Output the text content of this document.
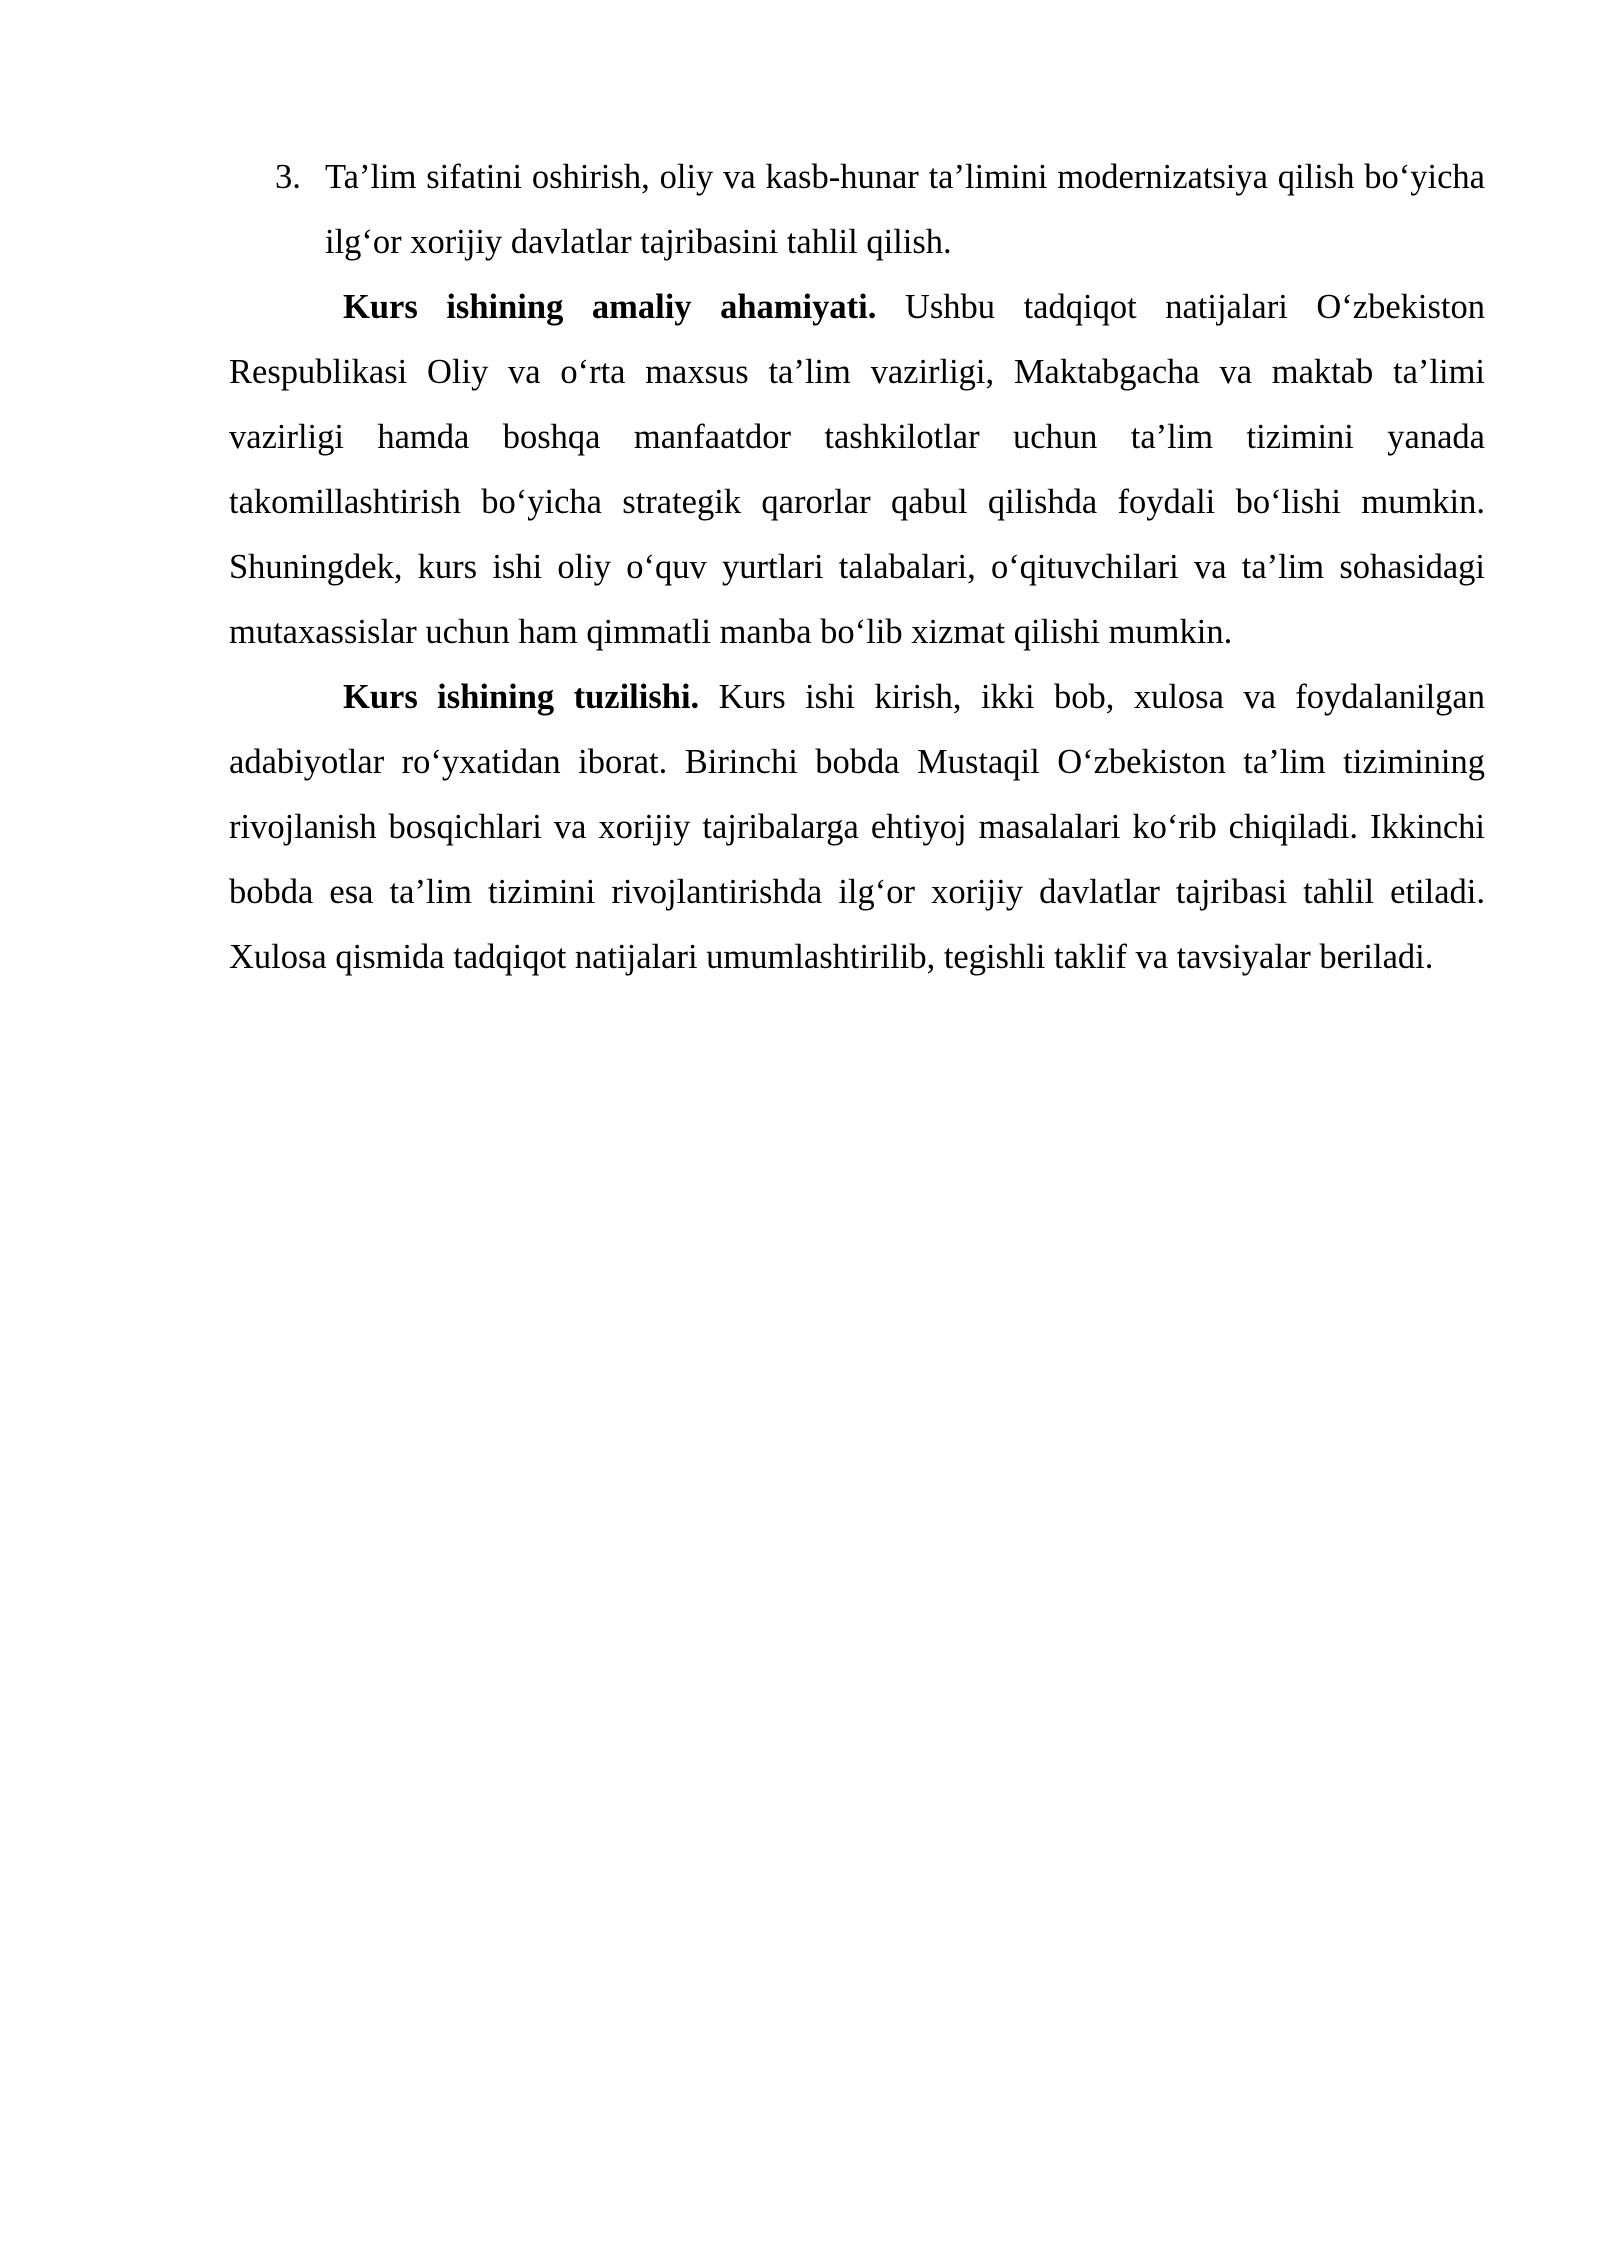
3. Ta’lim sifatini oshirish, oliy va kasb-hunar ta’limini modernizatsiya qilish bo‘yicha ilg‘or xorijiy davlatlar tajribasini tahlil qilish.

Kurs ishining amaliy ahamiyati. Ushbu tadqiqot natijalari O‘zbekiston Respublikasi Oliy va o‘rta maxsus ta’lim vazirligi, Maktabgacha va maktab ta’limi vazirligi hamda boshqa manfaatdor tashkilotlar uchun ta’lim tizimini yanada takomillashtirish bo‘yicha strategik qarorlar qabul qilishda foydali bo‘lishi mumkin. Shuningdek, kurs ishi oliy o‘quv yurtlari talabalari, o‘qituvchilari va ta’lim sohasidagi mutaxassislar uchun ham qimmatli manba bo‘lib xizmat qilishi mumkin.

Kurs ishining tuzilishi. Kurs ishi kirish, ikki bob, xulosa va foydalanilgan adabiyotlar ro‘yxatidan iborat. Birinchi bobda Mustaqil O‘zbekiston ta’lim tizimining rivojlanish bosqichlari va xorijiy tajribalarga ehtiyoj masalalari ko‘rib chiqiladi. Ikkinchi bobda esa ta’lim tizimini rivojlantirishda ilg‘or xorijiy davlatlar tajribasi tahlil etiladi. Xulosa qismida tadqiqot natijalari umumlashtirilib, tegishli taklif va tavsiyalar beriladi.
